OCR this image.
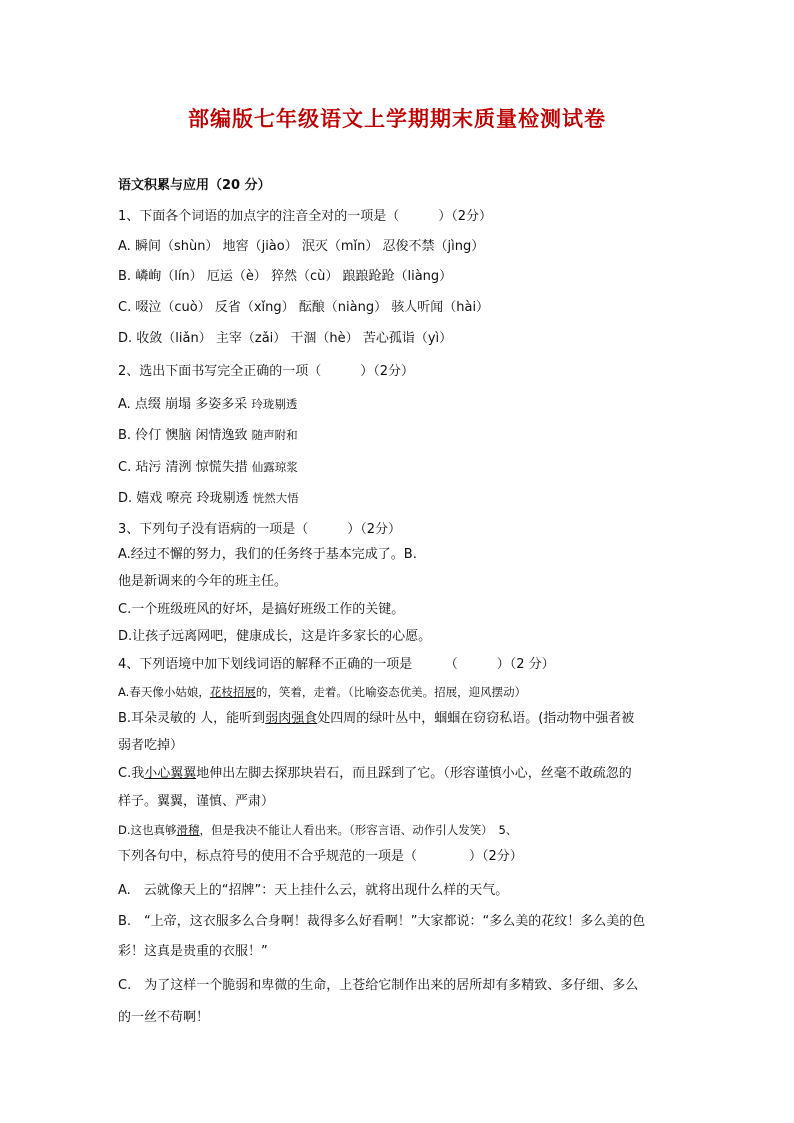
部编版七年级语文上学期期末质量检测试卷
语文积累与应用（20 分）
1、下面各个词语的加点字的注音全对的一项是（　　　）（2分）
A. 瞬间（shùn） 地窖（jiào） 泯灭（mǐn） 忍俊不禁（jìng）
B. 嶙峋（lín） 厄运（è） 猝然（cù） 踉踉跄跄（liàng）
C. 啜泣（cuò） 反省（xǐng） 酝酿（niàng） 骇人听闻（hài）
D. 收敛（liǎn） 主宰（zǎi） 干涸（hè） 苦心孤诣（yì）
2、选出下面书写完全正确的一项（　　　）（2分）
A. 点缀 崩塌 多姿多采 玲珑剔透
B. 伶仃 懊脑 闲情逸致 随声附和
C. 玷污 清洌 惊慌失措 仙露琼浆
D. 嬉戏 嘹亮 玲珑剔透 恍然大悟
3、下列句子没有语病的一项是（　　　）（2分）
A.经过不懈的努力，我们的任务终于基本完成了。B.
他是新调来的今年的班主任。
C.一个班级班风的好坏，是搞好班级工作的关键。
D.让孩子远离网吧，健康成长，这是许多家长的心愿。
4、下列语境中加下划线词语的解释不正确的一项是　　　（　　　）（2 分）
A.春天像小姑娘，花枝招展的，笑着，走着。（比喻姿态优美。招展，迎风摆动）
B.耳朵灵敏的 人，能听到弱肉强食处四周的绿叶丛中，蝈蝈在窃窃私语。(指动物中强者被
弱者吃掉）
C.我小心翼翼地伸出左脚去探那块岩石，而且踩到了它。（形容谨慎小心，丝毫不敢疏忽的
样子。翼翼，谨慎、严肃）
D.这也真够滑稽，但是我决不能让人看出来。（形容言语、动作引人发笑）　5、
下列各句中，标点符号的使用不合乎规范的一项是（　　　　）（2分）
A.　云就像天上的“招牌”：天上挂什么云，就将出现什么样的天气。
B.　“上帝，这衣服多么合身啊！裁得多么好看啊！”大家都说：“多么美的花纹！多么美的色
彩！这真是贵重的衣服！”
C.　为了这样一个脆弱和卑微的生命，上苍给它制作出来的居所却有多精致、多仔细、多么
的一丝不苟啊！
